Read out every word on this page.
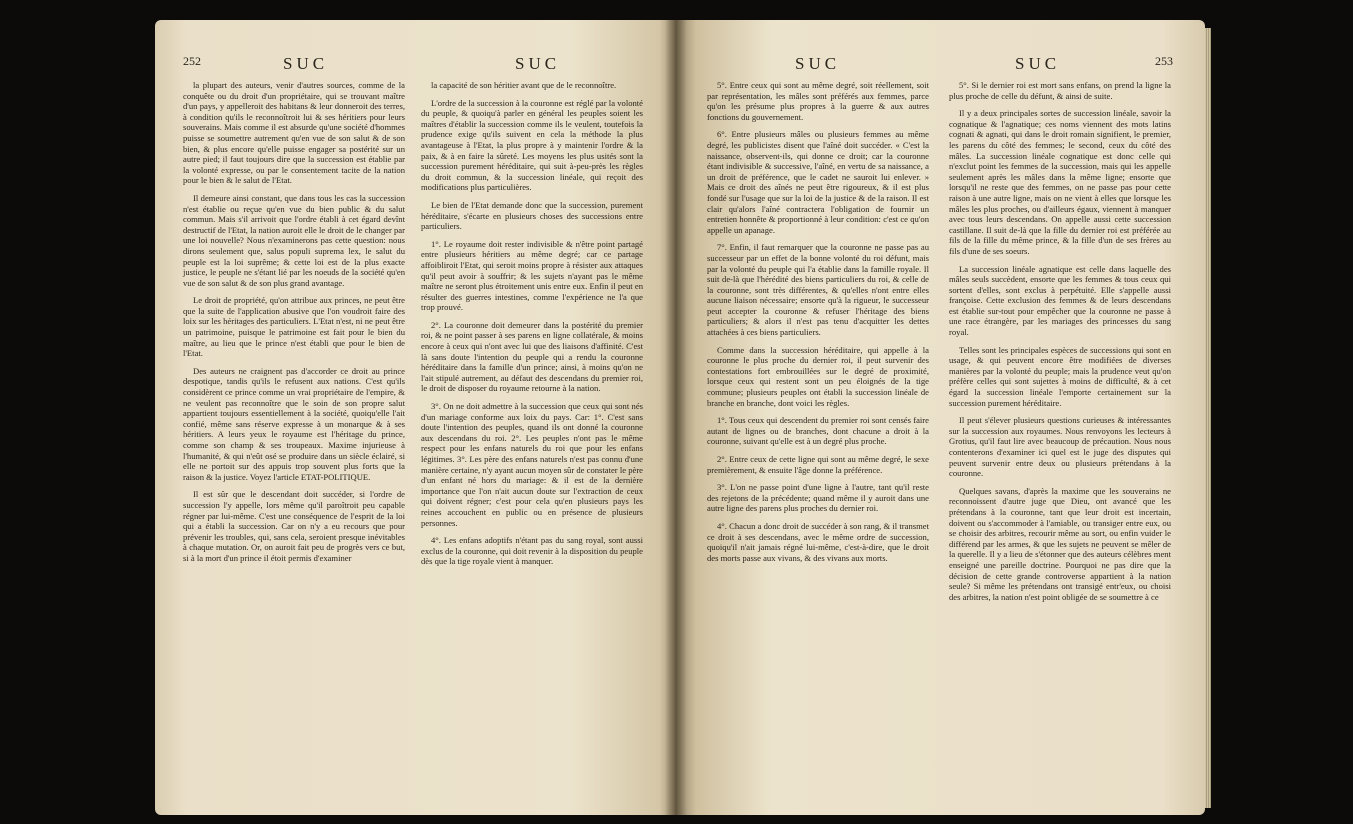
252	SUC	SUC

la plupart des auteurs, venir d'autres sources, comme de la conquête ou du droit d'un propriétaire, qui se trouvant maître d'un pays, y appelleroit des habitans & leur donneroit des terres, à condition qu'ils le reconnoîtroit lui & ses héritiers pour leurs souverains. Mais comme il est absurde qu'une société d'hommes puisse se soumettre autrement qu'en vue de son salut & de son bien, & plus encore qu'elle puisse engager sa postérité sur un autre pied; il faut toujours dire que la succession est établie par la volonté expresse, ou par le consentement tacite de la nation pour le bien & le salut de l'Etat.

Il demeure ainsi constant, que dans tous les cas la succession n'est établie ou reçue qu'en vue du bien public & du salut commun. Mais s'il arrivoit que l'ordre établi à cet égard devînt destructif de l'Etat, la nation auroit elle le droit de le changer par une loi nouvelle? Nous n'examinerons pas cette question: nous dirons seulement que, salus populi suprema lex, le salut du peuple est la loi suprême; & cette loi est de la plus exacte justice, le peuple ne s'étant lié par les noeuds de la société qu'en vue de son salut & de son plus grand avantage.

Le droit de propriété, qu'on attribue aux princes, ne peut être que la suite de l'application abusive que l'on voudroit faire des loix sur les héritages des particuliers. L'Etat n'est, ni ne peut être un patrimoine, puisque le patrimoine est fait pour le bien du maître, au lieu que le prince n'est établi que pour le bien de l'Etat.

Des auteurs ne craignent pas d'accorder ce droit au prince despotique, tandis qu'ils le refusent aux nations. C'est qu'ils considèrent ce prince comme un vrai propriétaire de l'empire, & ne veulent pas reconnoître que le soin de son propre salut appartient toujours essentiellement à la société, quoiqu'elle l'ait confié, même sans réserve expresse à un monarque & à ses héritiers. A leurs yeux le royaume est l'héritage du prince, comme son champ & ses troupeaux. Maxime injurieuse à l'humanité, & qui n'eût osé se produire dans un siècle éclairé, si elle ne portoit sur des appuis trop souvent plus forts que la raison & la justice. Voyez l'article ETAT-POLITIQUE.

Il est sûr que le descendant doit succéder, si l'ordre de succession l'y appelle, lors même qu'il paroîtroit peu capable régner par lui-même. C'est une conséquence de l'esprit de la loi qui a établi la succession. Car on n'y a eu recours que pour prévenir les troubles, qui, sans cela, seroient presque inévitables à chaque mutation. Or, on auroit fait peu de progrès vers ce but, si à la mort d'un prince il étoit permis d'examiner

la capacité de son héritier avant que de le reconnoître.

L'ordre de la succession à la couronne est réglé par la volonté du peuple, & quoiqu'à parler en général les peuples soient les maîtres d'établir la succession comme ils le veulent, toutefois la prudence exige qu'ils suivent en cela la méthode la plus avantageuse à l'Etat, la plus propre à y maintenir l'ordre & la paix, & à en faire la sûreté. Les moyens les plus usités sont la succession purement héréditaire, qui suit à-peu-près les règles du droit commun, & la succession linéale, qui reçoit des modifications plus particulières.

Le bien de l'Etat demande donc que la succession, purement héréditaire, s'écarte en plusieurs choses des successions entre particuliers.

1°. Le royaume doit rester indivisible & n'être point partagé entre plusieurs héritiers au même degré; car ce partage affoibliroit l'Etat, qui seroit moins propre à résister aux attaques qu'il peut avoir à souffrir; & les sujets n'ayant pas le même maître ne seront plus étroitement unis entre eux. Enfin il peut en résulter des guerres intestines, comme l'expérience ne l'a que trop prouvé.

2°. La couronne doit demeurer dans la postérité du premier roi, & ne point passer à ses parens en ligne collatérale, & moins encore à ceux qui n'ont avec lui que des liaisons d'affinité. C'est là sans doute l'intention du peuple qui a rendu la couronne héréditaire dans la famille d'un prince; ainsi, à moins qu'on ne l'ait stipulé autrement, au défaut des descendans du premier roi, le droit de disposer du royaume retourne à la nation.

3°. On ne doit admettre à la succession que ceux qui sont nés d'un mariage conforme aux loix du pays. Car: 1°. C'est sans doute l'intention des peuples, quand ils ont donné la couronne aux descendans du roi. 2°. Les peuples n'ont pas le même respect pour les enfans naturels du roi que pour les enfans légitimes. 3°. Les père des enfans naturels n'est pas connu d'une manière certaine, n'y ayant aucun moyen sûr de constater le père d'un enfant né hors du mariage: & il est de la dernière importance que l'on n'ait aucun doute sur l'extraction de ceux qui doivent régner; c'est pour cela qu'en plusieurs pays les reines accouchent en public ou en présence de plusieurs personnes.

4°. Les enfans adoptifs n'étant pas du sang royal, sont aussi exclus de la couronne, qui doit revenir à la disposition du peuple dès que la tige royale vient à manquer.

SUC	SUC	253

5°. Entre ceux qui sont au même degré, soit réellement, soit par représentation, les mâles sont préférés aux femmes, parce qu'on les présume plus propres à la guerre & aux autres fonctions du gouvernement.

6°. Entre plusieurs mâles ou plusieurs femmes au même degré, les publicistes disent que l'aîné doit succéder. « C'est la naissance, observent-ils, qui donne ce droit; car la couronne étant indivisible & successive, l'aîné, en vertu de sa naissance, a un droit de préférence, que le cadet ne sauroit lui enlever. » Mais ce droit des aînés ne peut être rigoureux, & il est plus fondé sur l'usage que sur la loi de la justice & de la raison. Il est clair qu'alors l'aîné contractera l'obligation de fournir un entretien honnête & proportionné à leur condition: c'est ce qu'on appelle un apanage.

7°. Enfin, il faut remarquer que la couronne ne passe pas au successeur par un effet de la bonne volonté du roi défunt, mais par la volonté du peuple qui l'a établie dans la famille royale. Il suit de-là que l'hérédité des biens particuliers du roi, & celle de la couronne, sont très différentes, & qu'elles n'ont entre elles aucune liaison nécessaire; ensorte qu'à la rigueur, le successeur peut accepter la couronne & refuser l'héritage des biens particuliers; & alors il n'est pas tenu d'acquitter les dettes attachées à ces biens particuliers.

Comme dans la succession héréditaire, qui appelle à la couronne le plus proche du dernier roi, il peut survenir des contestations fort embrouillées sur le degré de proximité, lorsque ceux qui restent sont un peu éloignés de la tige commune; plusieurs peuples ont établi la succession linéale de branche en branche, dont voici les règles.

1°. Tous ceux qui descendent du premier roi sont censés faire autant de lignes ou de branches, dont chacune a droit à la couronne, suivant qu'elle est à un degré plus proche.

2°. Entre ceux de cette ligne qui sont au même degré, le sexe premièrement, & ensuite l'âge donne la préférence.

3°. L'on ne passe point d'une ligne à l'autre, tant qu'il reste des rejetons de la précédente; quand même il y auroit dans une autre ligne des parens plus proches du dernier roi.

4°. Chacun a donc droit de succéder à son rang, & il transmet ce droit à ses descendans, avec le même ordre de succession, quoiqu'il n'ait jamais régné lui-même, c'est-à-dire, que le droit des morts passe aux vivans, & des vivans aux morts.

5°. Si le dernier roi est mort sans enfans, on prend la ligne la plus proche de celle du défunt, & ainsi de suite.

Il y a deux principales sortes de succession linéale, savoir la cognatique & l'agnatique; ces noms viennent des mots latins cognati & agnati, qui dans le droit romain signifient, le premier, les parens du côté des femmes; le second, ceux du côté des mâles. La succession linéale cognatique est donc celle qui n'exclut point les femmes de la succession, mais qui les appelle seulement après les mâles dans la même ligne; ensorte que lorsqu'il ne reste que des femmes, on ne passe pas pour cette raison à une autre ligne, mais on ne vient à elles que lorsque les mâles les plus proches, ou d'ailleurs égaux, viennent à manquer avec tous leurs descendans. On appelle aussi cette succession castillane. Il suit de-là que la fille du dernier roi est préférée au fils de la fille du même prince, & la fille d'un de ses frères au fils d'une de ses soeurs.

La succession linéale agnatique est celle dans laquelle des mâles seuls succèdent, ensorte que les femmes & tous ceux qui sortent d'elles, sont exclus à perpétuité. Elle s'appelle aussi françoise. Cette exclusion des femmes & de leurs descendans est établie sur-tout pour empêcher que la couronne ne passe à une race étrangère, par les mariages des princesses du sang royal.

Telles sont les principales espèces de successions qui sont en usage, & qui peuvent encore être modifiées de diverses manières par la volonté du peuple; mais la prudence veut qu'on préfère celles qui sont sujettes à moins de difficulté, & à cet égard la succession linéale l'emporte certainement sur la succession purement héréditaire.

Il peut s'élever plusieurs questions curieuses & intéressantes sur la succession aux royaumes. Nous renvoyons les lecteurs à Grotius, qu'il faut lire avec beaucoup de précaution. Nous nous contenterons d'examiner ici quel est le juge des disputes qui peuvent survenir entre deux ou plusieurs prétendans à la couronne.

Quelques savans, d'après la maxime que les souverains ne reconnoissent d'autre juge que Dieu, ont avancé que les prétendans à la couronne, tant que leur droit est incertain, doivent ou s'accommoder à l'amiable, ou transiger entre eux, ou se choisir des arbitres, recourir même au sort, ou enfin vuider le différend par les armes, & que les sujets ne peuvent se mêler de la querelle. Il y a lieu de s'étonner que des auteurs célèbres ment enseigné une pareille doctrine. Pourquoi ne pas dire que la décision de cette grande controverse appartient à la nation seule? Si même les prétendans ont transigé entr'eux, ou choisi des arbitres, la nation n'est point obligée de se soumettre à ce
